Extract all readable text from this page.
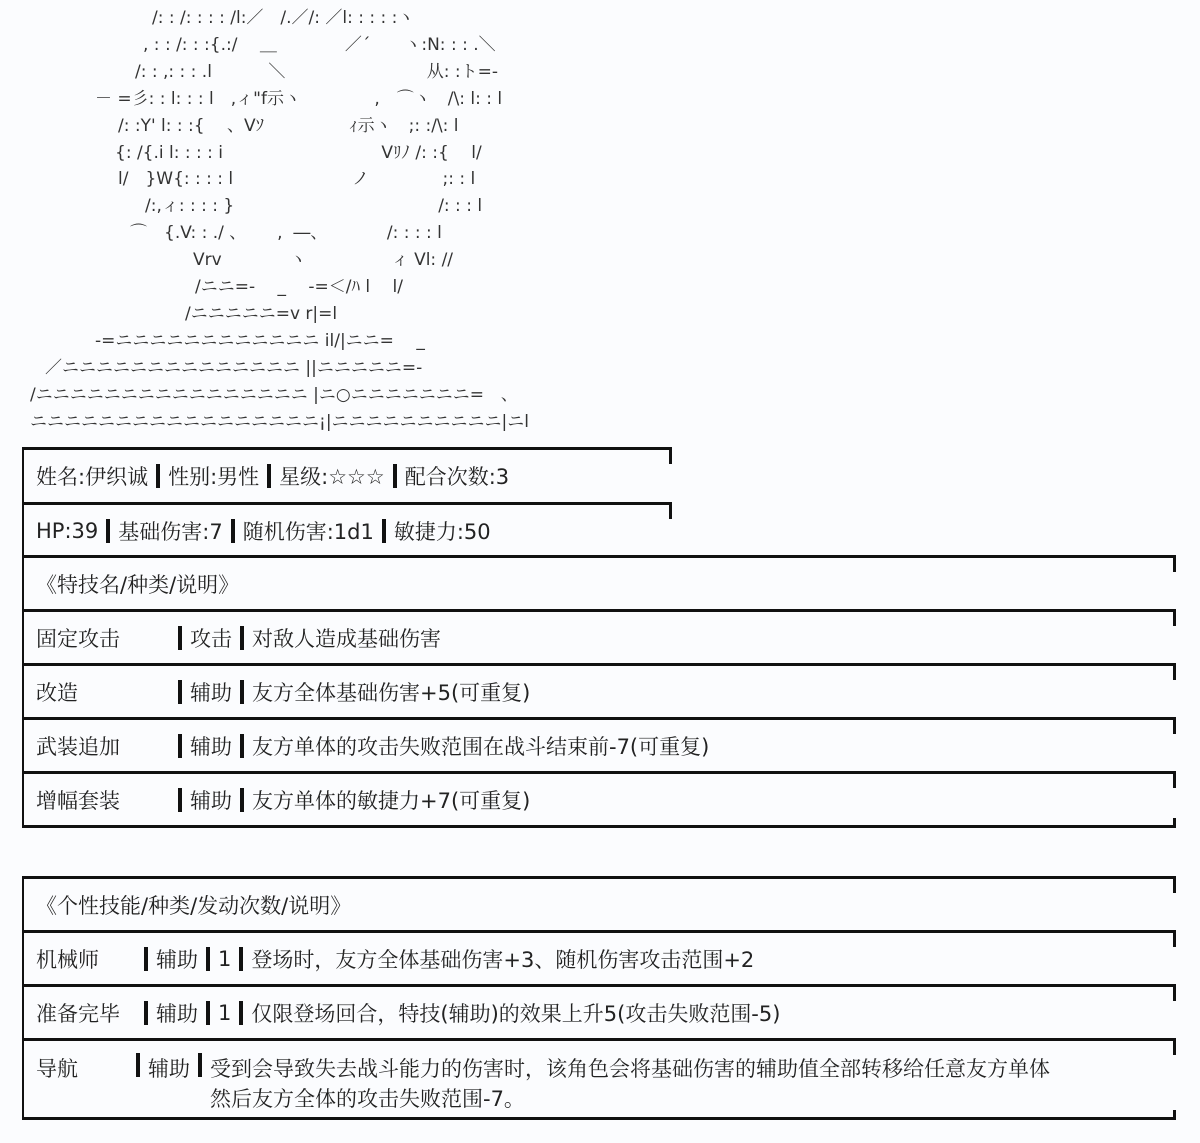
/: : /: : : : /l:／　/.／/: ／l: : : : :ヽ
, : : /: : :{.:/　 ＿　　　　／´　　ヽ:N: : : .＼
/: : ,: : : .l　　　 ＼　　　　　　　　 从: :ト=-
－ =彡: : l: : : l　,ィ"f示ヽ　　　　 ,　⌒ヽ　/\: l: : l
/: :Y' l: : :{ 　、Vｿ　　　　　ｨ示ヽ　;: :/\: l
{: /{.i l: : : : i　　　　　　　　　 Vﾘﾉ /: :{ 　l/
l/　}W{: : : : l　　　　　　　ノ　　　　 ;: : l
/:,ィ: : : : }　　　　　　　　　　　　/: : : l
⌒　{.V: : ./ 、　　 ,  ―、　　　　/: : : : l
Vrv　　　　ヽ　　　　　ィ Vl: //
/ニニ=-　 _ 　-=＜/ﾊ l　 l/
/ニニニニニ=v r|=l
-=ニニニニニニニニニニニニ il/|ニニ=　 _
／ニニニニニニニニニニニニニニ ||ニニニニニ=-
/ニニニニニニニニニニニニニニニニ |ニ○ニニニニニニニ=　、
ニニニニニニニニニニニニニニニニニ¡|ニニニニニニニニニニ|ニl
姓名:伊织诚 性别:男性 星级:☆☆☆ 配合次数:3
HP:39 基础伤害:7 随机伤害:1d1 敏捷力:50
《特技名/种类/说明》
固定攻击	攻击 对敌人造成基础伤害
改造	辅助 友方全体基础伤害+5(可重复)
武装追加	辅助 友方单体的攻击失败范围在战斗结束前-7(可重复)
增幅套装	辅助 友方单体的敏捷力+7(可重复)
《个性技能/种类/发动次数/说明》
机械师	辅助 1 登场时，友方全体基础伤害+3、随机伤害攻击范围+2
准备完毕	辅助 1 仅限登场回合，特技(辅助)的效果上升5(攻击失败范围-5)
导航	辅助 受到会导致失去战斗能力的伤害时，该角色会将基础伤害的辅助值全部转移给任意友方单体
然后友方全体的攻击失败范围-7。
